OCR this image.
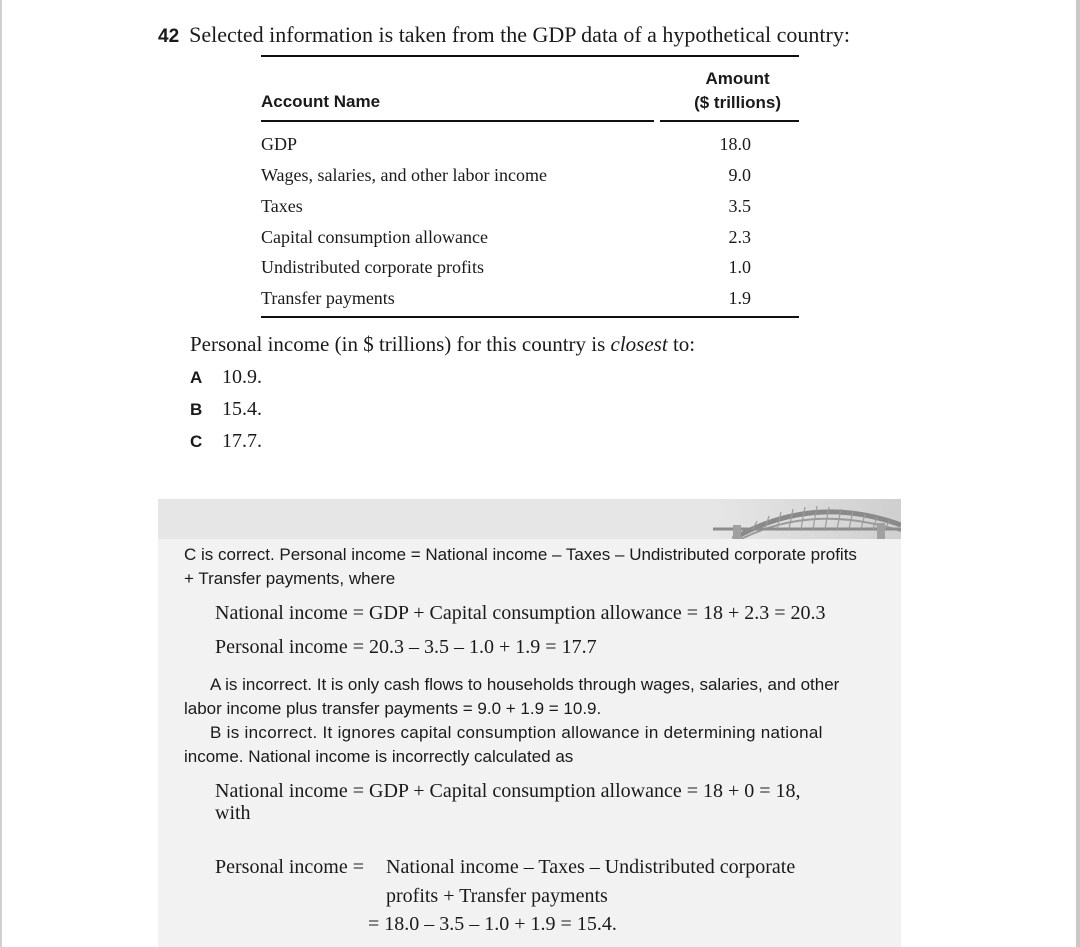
42 Selected information is taken from the GDP data of a hypothetical country:
Account Name
Amount
($ trillions)
GDP	18.0
Wages, salaries, and other labor income	9.0
Taxes	3.5
Capital consumption allowance	2.3
Undistributed corporate profits	1.0
Transfer payments	1.9
Personal income (in $ trillions) for this country is closest to:
A 10.9.
B 15.4.
C 17.7.
C is correct. Personal income = National income – Taxes – Undistributed corporate profits
+ Transfer payments, where
National income = GDP + Capital consumption allowance = 18 + 2.3 = 20.3
Personal income = 20.3 – 3.5 – 1.0 + 1.9 = 17.7
A is incorrect. It is only cash flows to households through wages, salaries, and other
labor income plus transfer payments = 9.0 + 1.9 = 10.9.
B is incorrect. It ignores capital consumption allowance in determining national
income. National income is incorrectly calculated as
National income = GDP + Capital consumption allowance = 18 + 0 = 18,
with
Personal income = National income – Taxes – Undistributed corporate
profits + Transfer payments
= 18.0 – 3.5 – 1.0 + 1.9 = 15.4.
